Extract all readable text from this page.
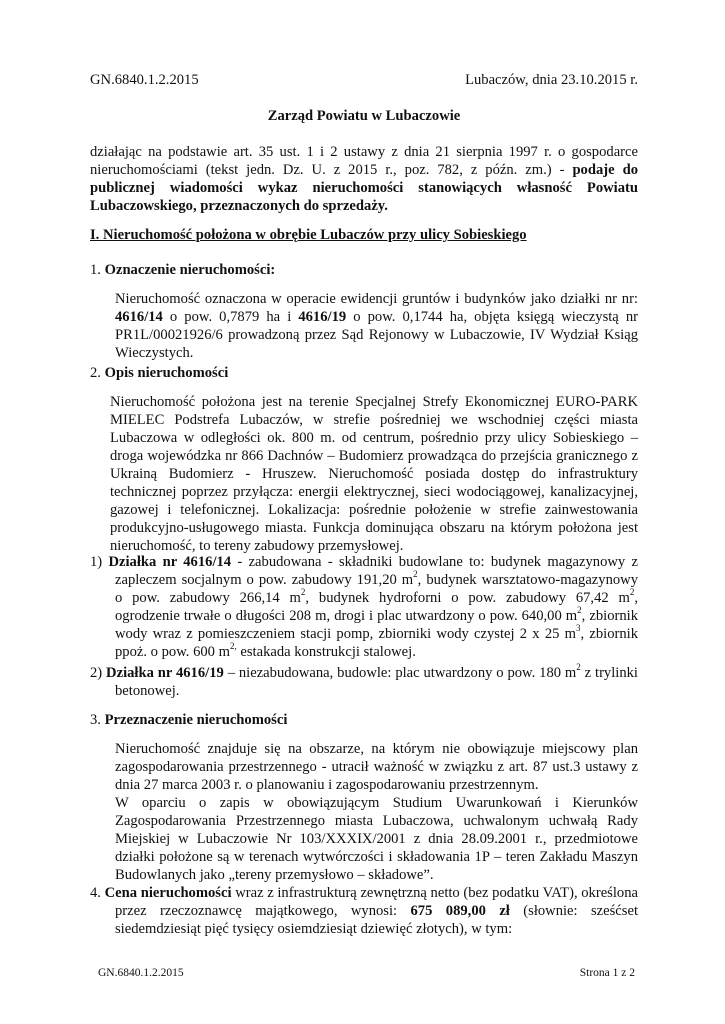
GN.6840.1.2.2015	Lubaczów, dnia 23.10.2015 r.
Zarząd Powiatu w Lubaczowie
działając na podstawie art. 35 ust. 1 i 2 ustawy z dnia 21 sierpnia 1997 r. o gospodarce nieruchomościami (tekst jedn. Dz. U. z 2015 r., poz. 782, z późn. zm.) - podaje do publicznej wiadomości wykaz nieruchomości stanowiących własność Powiatu Lubaczowskiego, przeznaczonych do sprzedaży.
I. Nieruchomość położona w obrębie Lubaczów przy ulicy Sobieskiego
1. Oznaczenie nieruchomości:
Nieruchomość oznaczona w operacie ewidencji gruntów i budynków jako działki nr nr: 4616/14 o pow. 0,7879 ha i 4616/19 o pow. 0,1744 ha, objęta księgą wieczystą nr PR1L/00021926/6 prowadzoną przez Sąd Rejonowy w Lubaczowie, IV Wydział Ksiąg Wieczystych.
2. Opis nieruchomości
Nieruchomość położona jest na terenie Specjalnej Strefy Ekonomicznej EURO-PARK MIELEC Podstrefa Lubaczów, w strefie pośredniej we wschodniej części miasta Lubaczowa w odległości ok. 800 m. od centrum, pośrednio przy ulicy Sobieskiego – droga wojewódzka nr 866 Dachnów – Budomierz prowadząca do przejścia granicznego z Ukrainą Budomierz - Hruszew. Nieruchomość posiada dostęp do infrastruktury technicznej poprzez przyłącza: energii elektrycznej, sieci wodociągowej, kanalizacyjnej, gazowej i telefonicznej. Lokalizacja: pośrednie położenie w strefie zainwestowania produkcyjno-usługowego miasta. Funkcja dominująca obszaru na którym położona jest nieruchomość, to tereny zabudowy przemysłowej.
1) Działka nr 4616/14 - zabudowana - składniki budowlane to: budynek magazynowy z zapleczem socjalnym o pow. zabudowy 191,20 $m^2$, budynek warsztatowo-magazynowy o pow. zabudowy 266,14 $m^2$, budynek hydroforni o pow. zabudowy 67,42 $m^2$, ogrodzenie trwałe o długości 208 m, drogi i plac utwardzony o pow. 640,00 $m^2$, zbiornik wody wraz z pomieszczeniem stacji pomp, zbiorniki wody czystej 2 x 25 $m^3$, zbiornik ppoż. o pow. 600 $m^{2,}$ estakada konstrukcji stalowej.
2) Działka nr 4616/19 – niezabudowana, budowle: plac utwardzony o pow. 180 $m^2$ z trylinki betonowej.
3. Przeznaczenie nieruchomości
Nieruchomość znajduje się na obszarze, na którym nie obowiązuje miejscowy plan zagospodarowania przestrzennego - utracił ważność w związku z art. 87 ust.3 ustawy z dnia 27 marca 2003 r. o planowaniu i zagospodarowaniu przestrzennym.
W oparciu o zapis w obowiązującym Studium Uwarunkowań i Kierunków Zagospodarowania Przestrzennego miasta Lubaczowa, uchwalonym uchwałą Rady Miejskiej w Lubaczowie Nr 103/XXXIX/2001 z dnia 28.09.2001 r., przedmiotowe działki położone są w terenach wytwórczości i składowania 1P – teren Zakładu Maszyn Budowlanych jako „tereny przemysłowo – składowe”.
4. Cena nieruchomości wraz z infrastrukturą zewnętrzną netto (bez podatku VAT), określona przez rzeczoznawcę majątkowego, wynosi: 675 089,00 zł (słownie: sześćset siedemdziesiąt pięć tysięcy osiemdziesiąt dziewięć złotych), w tym:
GN.6840.1.2.2015	Strona 1 z 2
